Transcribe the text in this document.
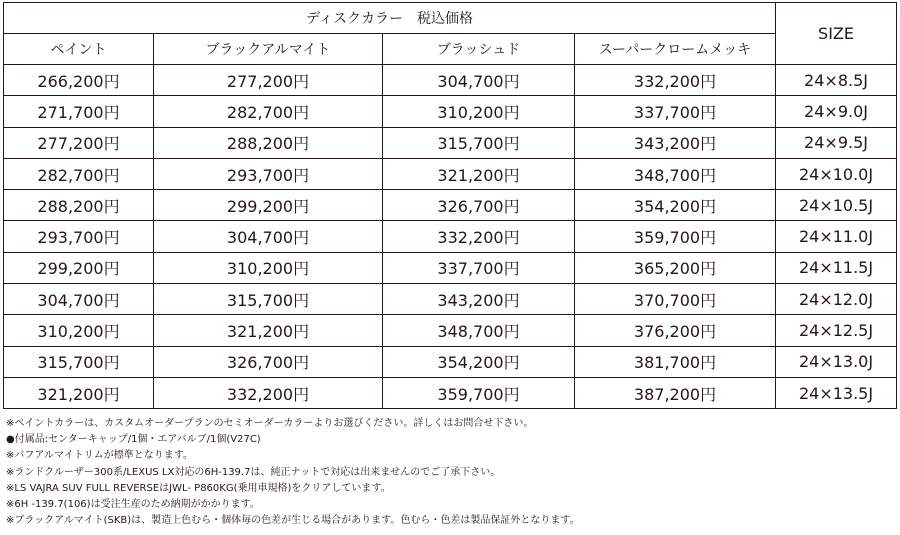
ディスクカラー　税込価格				SIZE
ペイント	ブラックアルマイト	ブラッシュド	スーパークロームメッキ	
266,200円	277,200円	304,700円	332,200円	24×8.5J
271,700円	282,700円	310,200円	337,700円	24×9.0J
277,200円	288,200円	315,700円	343,200円	24×9.5J
282,700円	293,700円	321,200円	348,700円	24×10.0J
288,200円	299,200円	326,700円	354,200円	24×10.5J
293,700円	304,700円	332,200円	359,700円	24×11.0J
299,200円	310,200円	337,700円	365,200円	24×11.5J
304,700円	315,700円	343,200円	370,700円	24×12.0J
310,200円	321,200円	348,700円	376,200円	24×12.5J
315,700円	326,700円	354,200円	381,700円	24×13.0J
321,200円	332,200円	359,700円	387,200円	24×13.5J
※ペイントカラーは、カスタムオーダープランのセミオーダーカラーよりお選びください。詳しくはお問合せ下さい。
●付属品:センターキャップ/1個・エアバルブ/1個(V27C)
※バフアルマイトリムが標準となります。
※ランドクルーザー300系/LEXUS LX対応の6H-139.7は、純正ナットで対応は出来ませんのでご了承下さい。
※LS VAJRA SUV FULL REVERSEはJWL- P860KG(乗用車規格)をクリアしています。
※6H -139.7(106)は受注生産のため納期がかかります。
※ブラックアルマイト(SKB)は、製造上色むら・個体毎の色差が生じる場合があります。色むら・色差は製品保証外となります。
